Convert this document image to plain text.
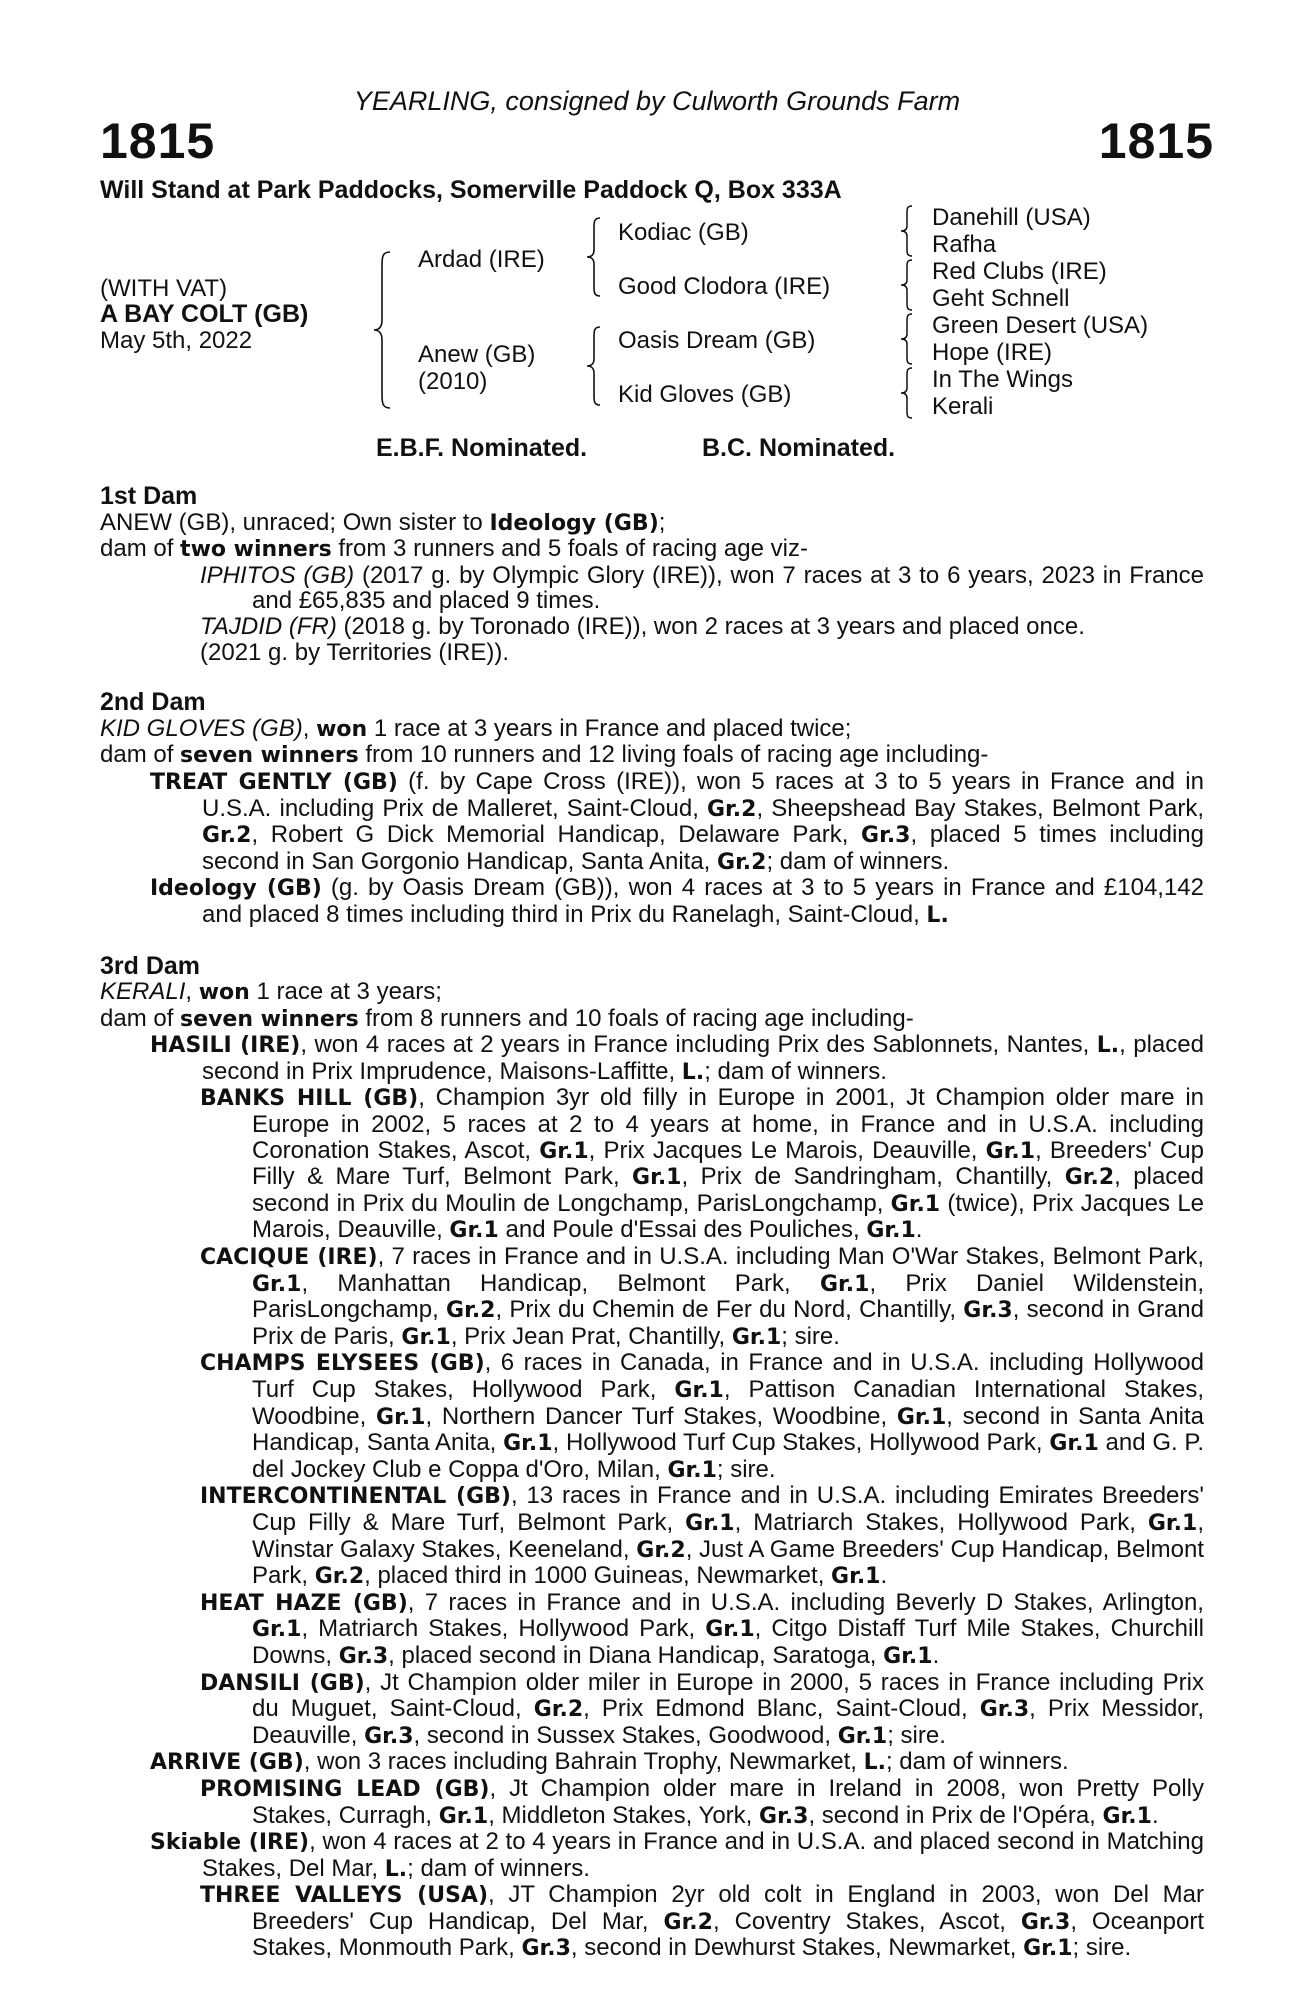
YEARLING, consigned by Culworth Grounds Farm
1815	1815
Will Stand at Park Paddocks, Somerville Paddock Q, Box 333A
(WITH VAT)
A BAY COLT (GB)
May 5th, 2022
Ardad (IRE)
Anew (GB)
(2010)
Kodiac (GB)
Good Clodora (IRE)
Oasis Dream (GB)
Kid Gloves (GB)
Danehill (USA)
Rafha
Red Clubs (IRE)
Geht Schnell
Green Desert (USA)
Hope (IRE)
In The Wings
Kerali
E.B.F. Nominated.	B.C. Nominated.

1st Dam

ANEW (GB), unraced; Own sister to Ideology (GB);

dam of two winners from 3 runners and 5 foals of racing age viz-

IPHITOS (GB) (2017 g. by Olympic Glory (IRE)), won 7 races at 3 to 6 years, 2023 in France and £65,835 and placed 9 times.

TAJDID (FR) (2018 g. by Toronado (IRE)), won 2 races at 3 years and placed once.

(2021 g. by Territories (IRE)).

2nd Dam

KID GLOVES (GB), won 1 race at 3 years in France and placed twice;

dam of seven winners from 10 runners and 12 living foals of racing age including-

TREAT GENTLY (GB) (f. by Cape Cross (IRE)), won 5 races at 3 to 5 years in France and in U.S.A. including Prix de Malleret, Saint-Cloud, Gr.2, Sheepshead Bay Stakes, Belmont Park, Gr.2, Robert G Dick Memorial Handicap, Delaware Park, Gr.3, placed 5 times including second in San Gorgonio Handicap, Santa Anita, Gr.2; dam of winners.

Ideology (GB) (g. by Oasis Dream (GB)), won 4 races at 3 to 5 years in France and £104,142 and placed 8 times including third in Prix du Ranelagh, Saint-Cloud, L.

3rd Dam

KERALI, won 1 race at 3 years;

dam of seven winners from 8 runners and 10 foals of racing age including-

HASILI (IRE), won 4 races at 2 years in France including Prix des Sablonnets, Nantes, L., placed second in Prix Imprudence, Maisons-Laffitte, L.; dam of winners.

BANKS HILL (GB), Champion 3yr old filly in Europe in 2001, Jt Champion older mare in Europe in 2002, 5 races at 2 to 4 years at home, in France and in U.S.A. including Coronation Stakes, Ascot, Gr.1, Prix Jacques Le Marois, Deauville, Gr.1, Breeders' Cup Filly & Mare Turf, Belmont Park, Gr.1, Prix de Sandringham, Chantilly, Gr.2, placed second in Prix du Moulin de Longchamp, ParisLongchamp, Gr.1 (twice), Prix Jacques Le Marois, Deauville, Gr.1 and Poule d'Essai des Pouliches, Gr.1.

CACIQUE (IRE), 7 races in France and in U.S.A. including Man O'War Stakes, Belmont Park, Gr.1, Manhattan Handicap, Belmont Park, Gr.1, Prix Daniel Wildenstein, ParisLongchamp, Gr.2, Prix du Chemin de Fer du Nord, Chantilly, Gr.3, second in Grand Prix de Paris, Gr.1, Prix Jean Prat, Chantilly, Gr.1; sire.

CHAMPS ELYSEES (GB), 6 races in Canada, in France and in U.S.A. including Hollywood Turf Cup Stakes, Hollywood Park, Gr.1, Pattison Canadian International Stakes, Woodbine, Gr.1, Northern Dancer Turf Stakes, Woodbine, Gr.1, second in Santa Anita Handicap, Santa Anita, Gr.1, Hollywood Turf Cup Stakes, Hollywood Park, Gr.1 and G. P. del Jockey Club e Coppa d'Oro, Milan, Gr.1; sire.

INTERCONTINENTAL (GB), 13 races in France and in U.S.A. including Emirates Breeders' Cup Filly & Mare Turf, Belmont Park, Gr.1, Matriarch Stakes, Hollywood Park, Gr.1, Winstar Galaxy Stakes, Keeneland, Gr.2, Just A Game Breeders' Cup Handicap, Belmont Park, Gr.2, placed third in 1000 Guineas, Newmarket, Gr.1.

HEAT HAZE (GB), 7 races in France and in U.S.A. including Beverly D Stakes, Arlington, Gr.1, Matriarch Stakes, Hollywood Park, Gr.1, Citgo Distaff Turf Mile Stakes, Churchill Downs, Gr.3, placed second in Diana Handicap, Saratoga, Gr.1.

DANSILI (GB), Jt Champion older miler in Europe in 2000, 5 races in France including Prix du Muguet, Saint-Cloud, Gr.2, Prix Edmond Blanc, Saint-Cloud, Gr.3, Prix Messidor, Deauville, Gr.3, second in Sussex Stakes, Goodwood, Gr.1; sire.

ARRIVE (GB), won 3 races including Bahrain Trophy, Newmarket, L.; dam of winners.

PROMISING LEAD (GB), Jt Champion older mare in Ireland in 2008, won Pretty Polly Stakes, Curragh, Gr.1, Middleton Stakes, York, Gr.3, second in Prix de l'Opéra, Gr.1.

Skiable (IRE), won 4 races at 2 to 4 years in France and in U.S.A. and placed second in Matching Stakes, Del Mar, L.; dam of winners.

THREE VALLEYS (USA), JT Champion 2yr old colt in England in 2003, won Del Mar Breeders' Cup Handicap, Del Mar, Gr.2, Coventry Stakes, Ascot, Gr.3, Oceanport Stakes, Monmouth Park, Gr.3, second in Dewhurst Stakes, Newmarket, Gr.1; sire.
